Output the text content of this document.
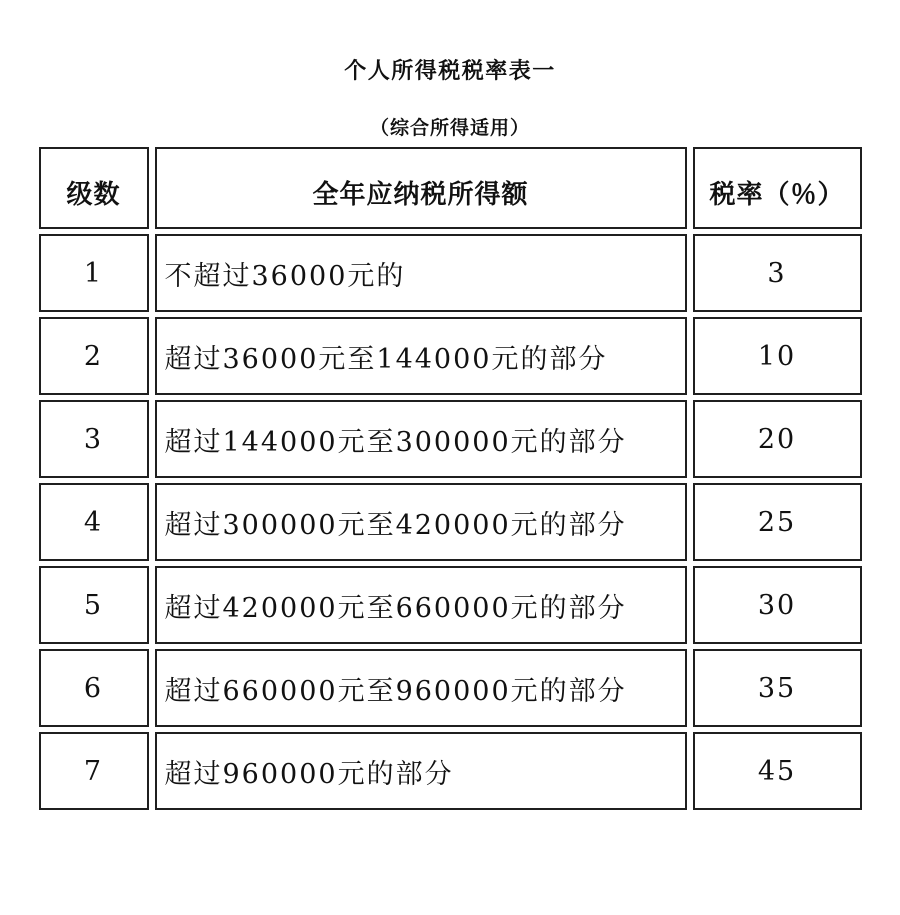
个人所得税税率表一
（综合所得适用）
级数	全年应纳税所得额	税率（％）
1	不超过36000元的	3
2	超过36000元至144000元的部分	10
3	超过144000元至300000元的部分	20
4	超过300000元至420000元的部分	25
5	超过420000元至660000元的部分	30
6	超过660000元至960000元的部分	35
7	超过960000元的部分	45
